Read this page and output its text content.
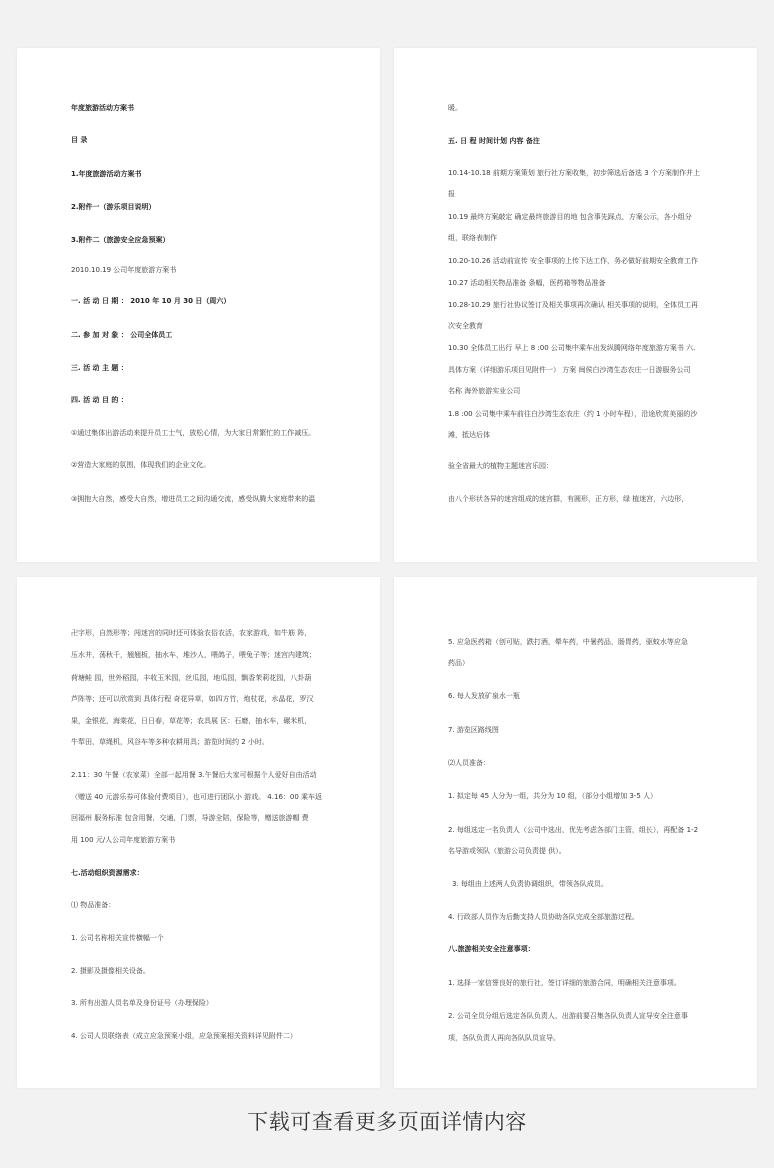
年度旅游活动方案书
目 录
1.年度旅游活动方案书
2.附件一（游乐项目说明）
3.附件二（旅游安全应急预案）
2010.10.19 公司年度旅游方案书
一. 活 动 日 期 ： 2010 年 10 月 30 日（周六）
二. 参 加 对 象 ： 公司全体员工
三. 活 动 主 题 ：
四. 活 动 目 的 ：
①通过集体出游活动来提升员工士气，放松心情，为大家日常繁忙的工作减压。
②营造大家庭的氛围，体现我们的企业文化。
③拥抱大自然，感受大自然，增进员工之间沟通交流，感受纵腾大家庭带来的温
暖。
五. 日 程 时间计划 内容 备注
10.14-10.18 前期方案策划 旅行社方案收集，初步筛选后备选 3 个方案制作并上
报
10.19 最终方案敲定 确定最终旅游目的地 包含事先踩点，方案公示，各小组分
组，联络表制作
10.20-10.26 活动前宣传 安全事项的上传下达工作，务必做好前期安全教育工作
10.27 活动相关物品准备 条幅，医药箱等物品准备
10.28-10.29 旅行社协议签订及相关事项再次确认 相关事项的说明，全体员工再
次安全教育
10.30 全体员工出行 早上 8 :00 公司集中乘车出发纵腾网络年度旅游方案书 六.
具体方案（详细游乐项目见附件一） 方案 闽侯白沙湾生态农庄一日游服务公司
名称 海外旅游实业公司
1.8 :00 公司集中乘车前往白沙湾生态农庄（约 1 小时车程），沿途欣赏美丽的沙
滩，抵达后体
验全省最大的植物主题迷宫乐园：
由八个形状各异的迷宫组成的迷宫群，有圆形，正方形，绿 植迷宫，六边形，
卍字形，自然形等；闯迷宫的同时还可体验农俗农活，农家游戏，如牛筋 阵，
压水井，荡秋千，翘翘板，抽水车，堆沙人，喂鸽子，喂兔子等；迷宫内建筑；
荷塘鲑 园，世外稻园，丰收玉米园，丝瓜园，地瓜园，飘香茉莉花园，八卦葫
芦阵等；还可以欣赏到 具体行程 奇花异草，如四方竹，炮杖花，水晶花，罗汉
果，金银花，海棠花，日日春，草花等；农具展 区：石磨，抽水车，碾米机，
牛犁田，草绳机，风谷车等多种农耕用具；游览时间约 2 小时。
2.11：30 午餐（农家菜）全部一起用餐 3.午餐后大家可根据个人爱好自由活动
（赠送 40 元游乐券可体验付费项目），也可进行团队小 游戏。 4.16：00 乘车返
回福州 服务标准 包含用餐，交通，门票，导游全陪，保险等，赠送旅游帽 费
用 100 元/人公司年度旅游方案书
七.活动组织资源需求：
⑴ 物品准备：
1. 公司名称相关宣传横幅一个
2. 摄影及摄像相关设备。
3. 所有出游人员名单及身份证号（办理保险）
4. 公司人员联络表（成立应急预案小组，应急预案相关资料详见附件二）
5. 应急医药箱（创可贴，跌打酒，晕车药，中暑药品，肠胃药，驱蚊水等应急
药品）
6. 每人发放矿泉水一瓶
7. 游览区路线图
⑵人员准备：
1. 拟定每 45 人分为一组，共分为 10 组，（部分小组增加 3-5 人）
2. 每组选定一名负责人（公司中选出，优先考虑各部门主管，组长），再配备 1-2
名导游或领队（旅游公司负责提 供）。
3. 每组由上述两人负责协调组织，带领各队成员。
4. 行政部人员作为后勤支持人员协助各队完成全部旅游过程。
八.旅游相关安全注意事项：
1. 选择一家信誉良好的旅行社，签订详细的旅游合同，明确相关注意事项。
2. 公司全员分组后选定各队负责人，出游前要召集各队负责人宣导安全注意事
项，各队负责人再向各队队员宣导。
下载可查看更多页面详情内容
